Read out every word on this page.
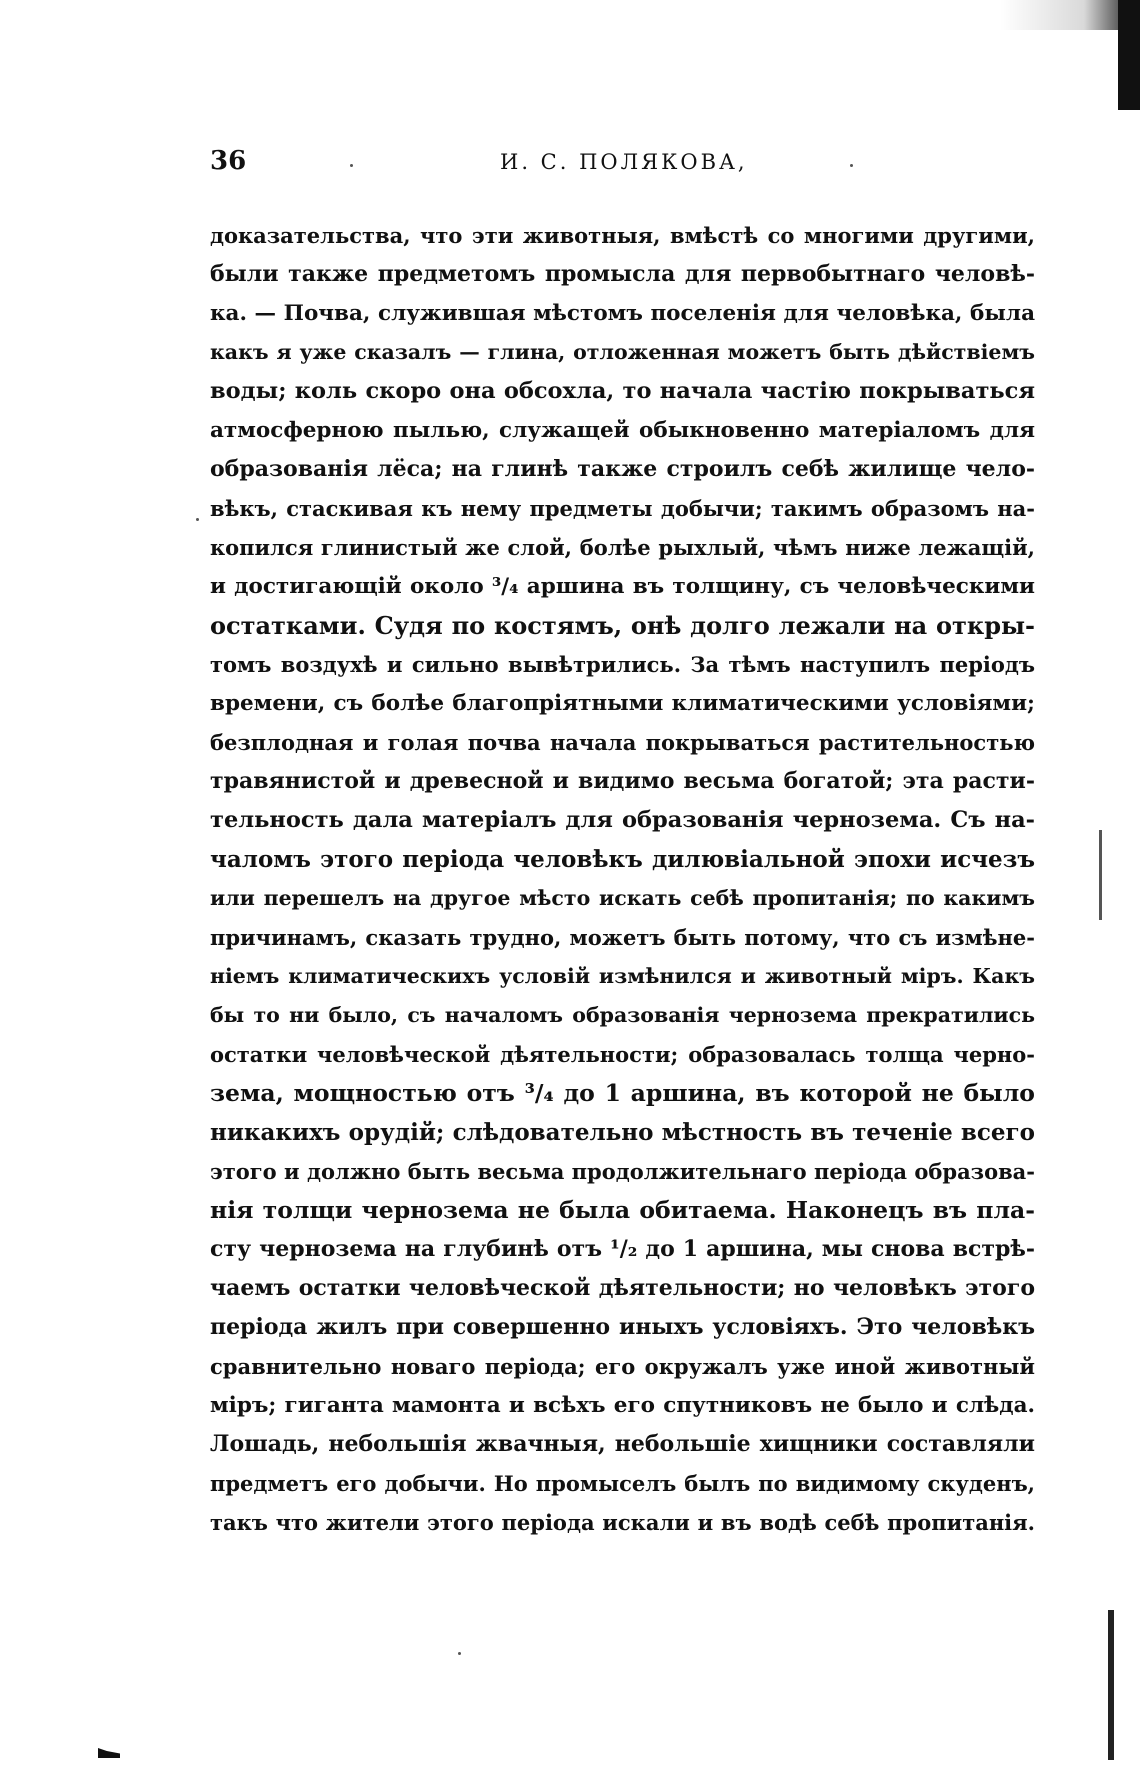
36	И. С. ПОЛЯКОВА,
доказательства, что эти животныя, вмѣстѣ со многими другими,
были также предметомъ промысла для первобытнаго человѣ-
ка. — Почва, служившая мѣстомъ поселенія для человѣка, была
какъ я уже сказалъ — глина, отложенная можетъ быть дѣйствіемъ
воды; коль скоро она обсохла, то начала частію покрываться
атмосферною пылью, служащей обыкновенно матеріаломъ для
образованія лёса; на глинѣ также строилъ себѣ жилище чело-
вѣкъ, стаскивая къ нему предметы добычи; такимъ образомъ на-
копился глинистый же слой, болѣе рыхлый, чѣмъ ниже лежащій,
и достигающій около ³/₄ аршина въ толщину, съ человѣческими
остатками. Судя по костямъ, онѣ долго лежали на откры-
томъ воздухѣ и сильно вывѣтрились. За тѣмъ наступилъ періодъ
времени, съ болѣе благопріятными климатическими условіями;
безплодная и голая почва начала покрываться растительностью
травянистой и древесной и видимо весьма богатой; эта расти-
тельность дала матеріалъ для образованія чернозема. Съ на-
чаломъ этого періода человѣкъ дилювіальной эпохи исчезъ
или перешелъ на другое мѣсто искать себѣ пропитанія; по какимъ
причинамъ, сказать трудно, можетъ быть потому, что съ измѣне-
ніемъ климатическихъ условій измѣнился и животный міръ. Какъ
бы то ни было, съ началомъ образованія чернозема прекратились
остатки человѣческой дѣятельности; образовалась толща черно-
зема, мощностью отъ ³/₄ до 1 аршина, въ которой не было
никакихъ орудій; слѣдовательно мѣстность въ теченіе всего
этого и должно быть весьма продолжительнаго періода образова-
нія толщи чернозема не была обитаема. Наконецъ въ пла-
сту чернозема на глубинѣ отъ ¹/₂ до 1 аршина, мы снова встрѣ-
чаемъ остатки человѣческой дѣятельности; но человѣкъ этого
періода жилъ при совершенно иныхъ условіяхъ. Это человѣкъ
сравнительно новаго періода; его окружалъ уже иной животный
міръ; гиганта мамонта и всѣхъ его спутниковъ не было и слѣда.
Лошадь, небольшія жвачныя, небольшіе хищники составляли
предметъ его добычи. Но промыселъ былъ по видимому скуденъ,
такъ что жители этого періода искали и въ водѣ себѣ пропитанія.
